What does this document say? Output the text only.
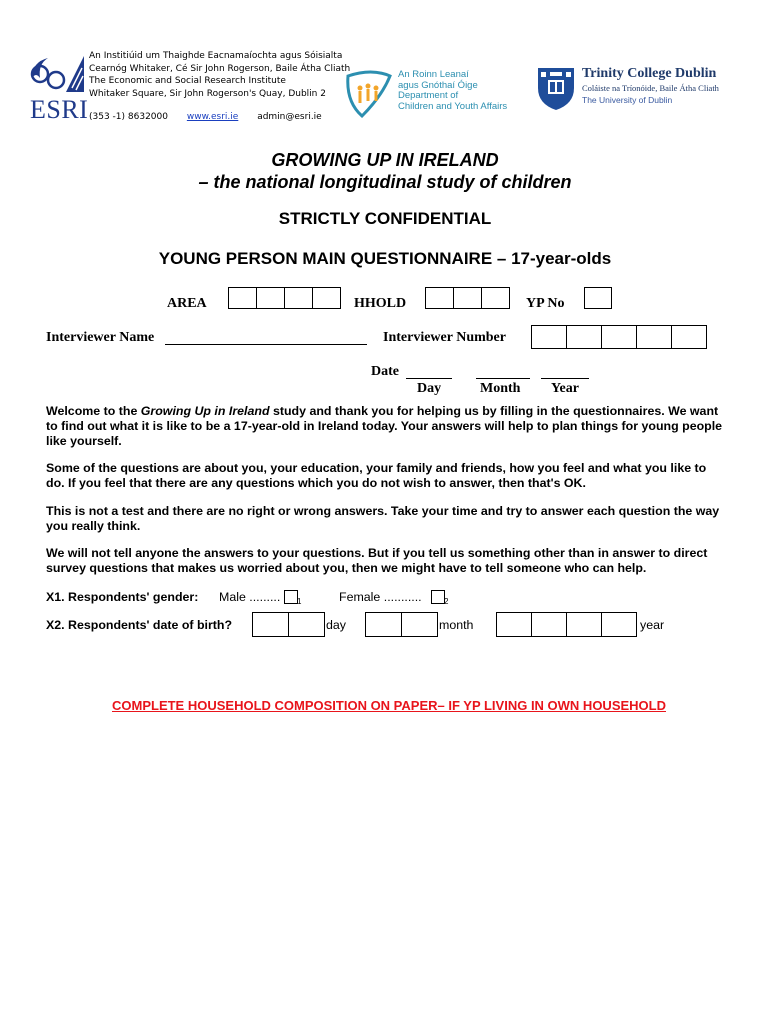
ESRI
An Institiúid um Thaighde Eacnamaíochta agus Sóisialta
Cearnóg Whitaker, Cé Sir John Rogerson, Baile Átha Cliath
The Economic and Social Research Institute
Whitaker Square, Sir John Rogerson's Quay, Dublin 2
(353 -1) 8632000 www.esri.ie admin@esri.ie
An Roinn Leanaí
agus Gnóthaí Óige
Department of
Children and Youth Affairs
Trinity College Dublin
Coláiste na Tríonóide, Baile Átha Cliath
The University of Dublin
GROWING UP IN IRELAND
– the national longitudinal study of children
STRICTLY CONFIDENTIAL
YOUNG PERSON MAIN QUESTIONNAIRE – 17-year-olds
AREA	HHOLD	YP No
Interviewer Name	Interviewer Number
Date
Day	Month Year
Welcome to the Growing Up in Ireland study and thank you for helping us by filling in the questionnaires. We want to find out what it is like to be a 17-year-old in Ireland today. Your answers will help to plan things for young people like yourself.
Some of the questions are about you, your education, your family and friends, how you feel and what you like to do. If you feel that there are any questions which you do not wish to answer, then that's OK.
This is not a test and there are no right or wrong answers. Take your time and try to answer each question the way you really think.
We will not tell anyone the answers to your questions. But if you tell us something other than in answer to direct survey questions that makes us worried about you, then we might have to tell someone who can help.
X1. Respondents' gender: Male ......... 1	Female ...........	2
X2. Respondents' date of birth?	day	month	year
COMPLETE HOUSEHOLD COMPOSITION ON PAPER– IF YP LIVING IN OWN HOUSEHOLD
